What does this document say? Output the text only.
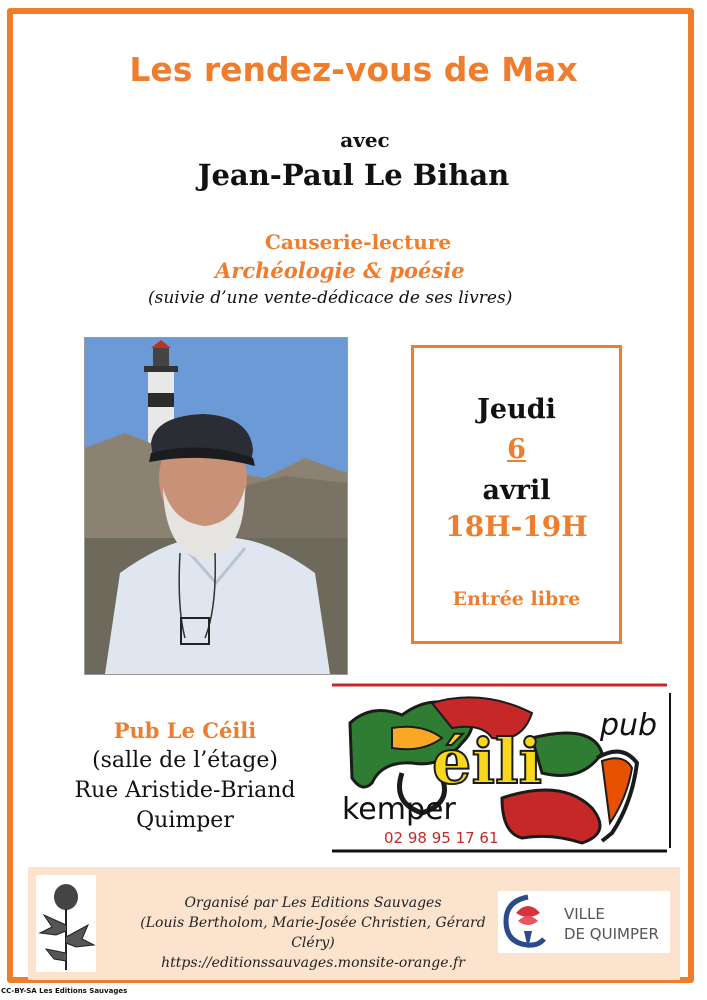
Les rendez-vous de Max
avec
Jean-Paul Le Bihan
Causerie-lecture
Archéologie & poésie
(suivie d’une vente-dédicace de ses livres)
Jeudi
6
avril
18H-19H
Entrée libre
Pub Le Céili
(salle de l’étage)
Rue Aristide-Briand
Quimper
éili pub
kemper
02 98 95 17 61
Organisé par Les Editions Sauvages
(Louis Bertholom, Marie-Josée Christien, Gérard Cléry)
https://editionssauvages.monsite-orange.fr
VILLE
DE QUIMPER
CC-BY-SA Les Editions Sauvages
